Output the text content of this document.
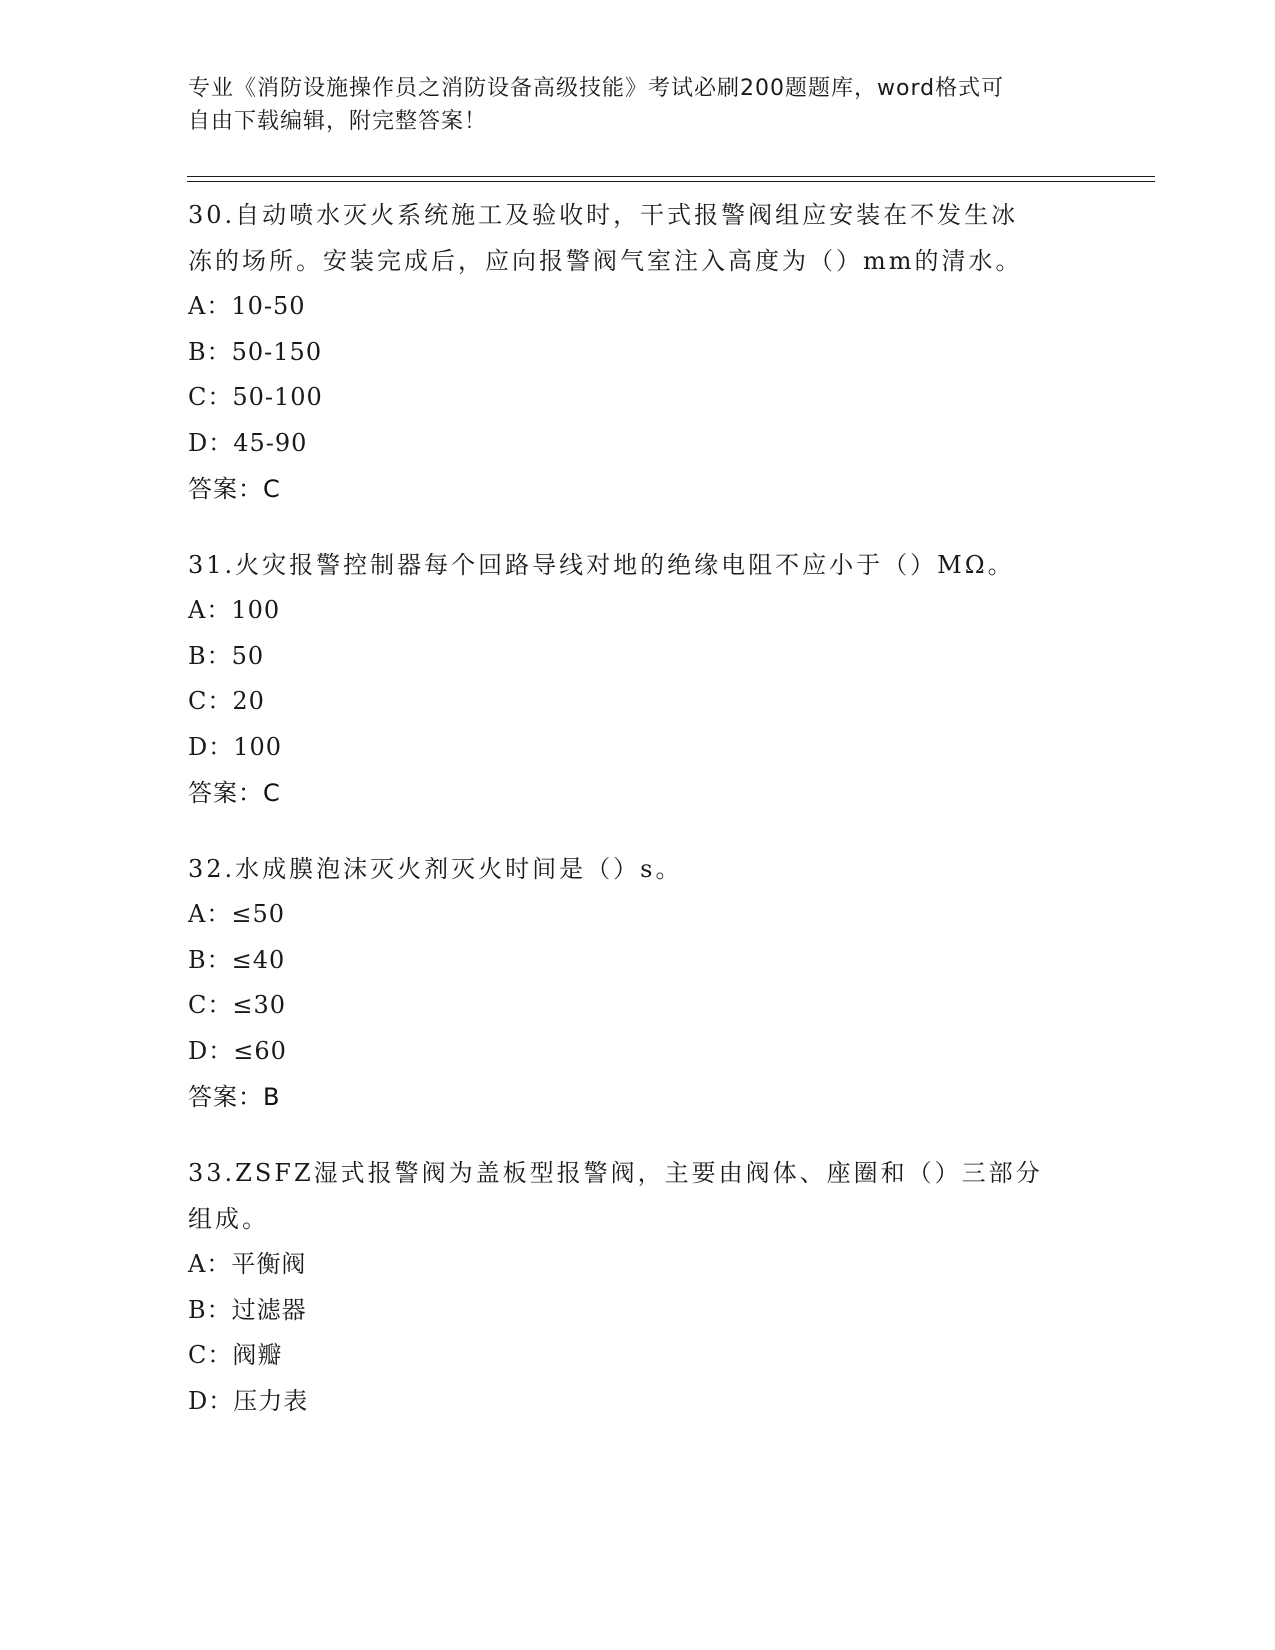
专业《消防设施操作员之消防设备高级技能》考试必刷200题题库，word格式可
自由下载编辑，附完整答案！
30.自动喷水灭火系统施工及验收时，干式报警阀组应安装在不发生冰
冻的场所。安装完成后，应向报警阀气室注入高度为（）mm的清水。
A：10-50
B：50-150
C：50-100
D：45-90
答案：C
31.火灾报警控制器每个回路导线对地的绝缘电阻不应小于（）MΩ。
A：100
B：50
C：20
D：100
答案：C
32.水成膜泡沫灭火剂灭火时间是（）s。
A：≤50
B：≤40
C：≤30
D：≤60
答案：B
33.ZSFZ湿式报警阀为盖板型报警阀，主要由阀体、座圈和（）三部分
组成。
A：平衡阀
B：过滤器
C：阀瓣
D：压力表
